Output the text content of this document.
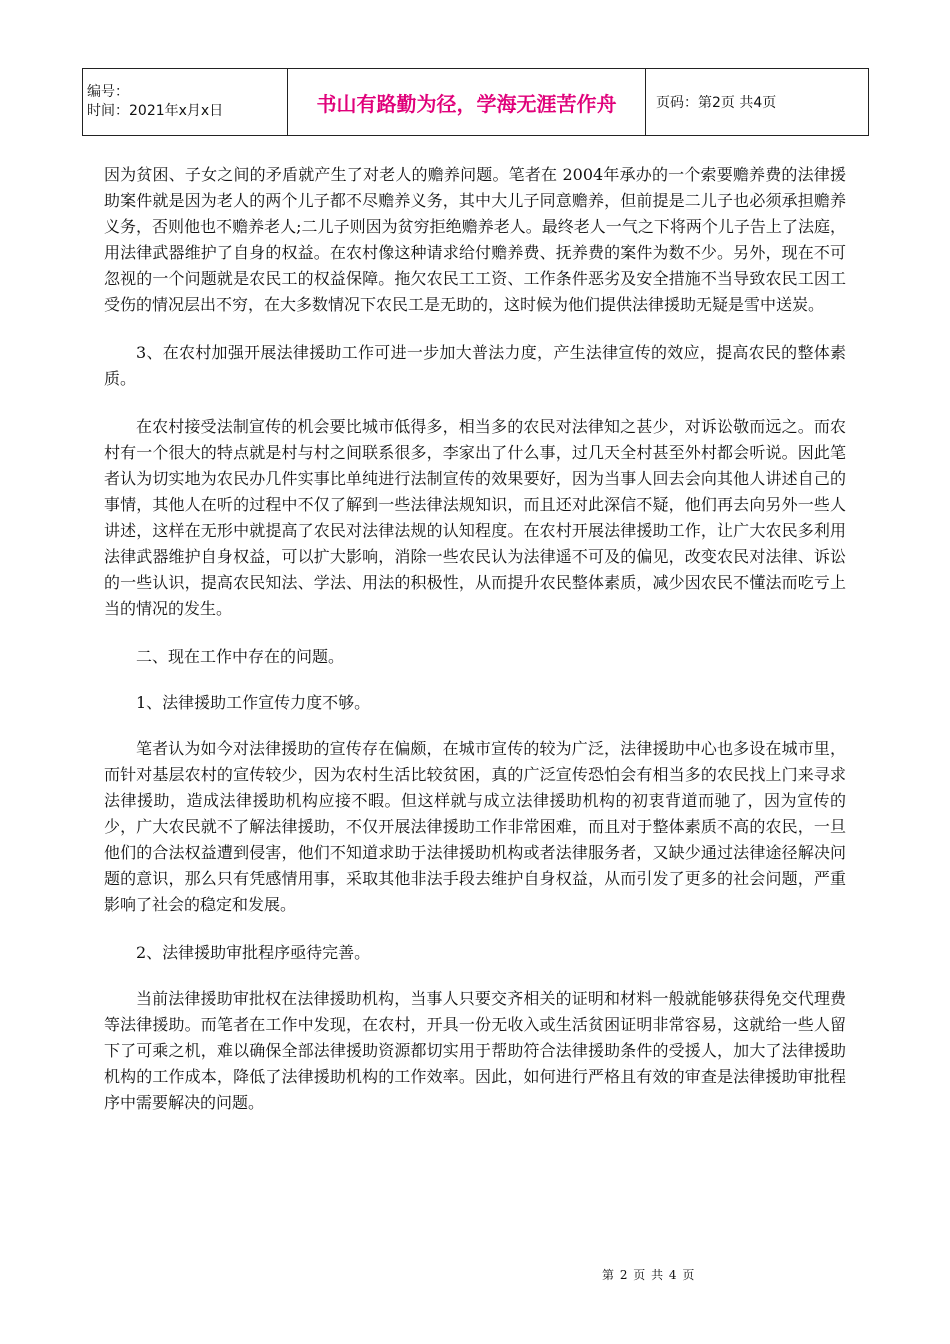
编号：
时间：2021年x月x日	书山有路勤为径，学海无涯苦作舟	页码：第2页 共4页

因为贫困、子女之间的矛盾就产生了对老人的赡养问题。笔者在 2004年承办的一个索要赡养费的法律援助案件就是因为老人的两个儿子都不尽赡养义务，其中大儿子同意赡养，但前提是二儿子也必须承担赡养义务，否则他也不赡养老人;二儿子则因为贫穷拒绝赡养老人。最终老人一气之下将两个儿子告上了法庭，用法律武器维护了自身的权益。在农村像这种请求给付赡养费、抚养费的案件为数不少。另外，现在不可忽视的一个问题就是农民工的权益保障。拖欠农民工工资、工作条件恶劣及安全措施不当导致农民工因工受伤的情况层出不穷，在大多数情况下农民工是无助的，这时候为他们提供法律援助无疑是雪中送炭。

3、在农村加强开展法律援助工作可进一步加大普法力度，产生法律宣传的效应，提高农民的整体素质。

在农村接受法制宣传的机会要比城市低得多，相当多的农民对法律知之甚少，对诉讼敬而远之。而农村有一个很大的特点就是村与村之间联系很多，李家出了什么事，过几天全村甚至外村都会听说。因此笔者认为切实地为农民办几件实事比单纯进行法制宣传的效果要好，因为当事人回去会向其他人讲述自己的事情，其他人在听的过程中不仅了解到一些法律法规知识，而且还对此深信不疑，他们再去向另外一些人讲述，这样在无形中就提高了农民对法律法规的认知程度。在农村开展法律援助工作，让广大农民多利用法律武器维护自身权益，可以扩大影响，消除一些农民认为法律遥不可及的偏见，改变农民对法律、诉讼的一些认识，提高农民知法、学法、用法的积极性，从而提升农民整体素质，减少因农民不懂法而吃亏上当的情况的发生。

二、现在工作中存在的问题。

1、法律援助工作宣传力度不够。

笔者认为如今对法律援助的宣传存在偏颇，在城市宣传的较为广泛，法律援助中心也多设在城市里，而针对基层农村的宣传较少，因为农村生活比较贫困，真的广泛宣传恐怕会有相当多的农民找上门来寻求法律援助，造成法律援助机构应接不暇。但这样就与成立法律援助机构的初衷背道而驰了，因为宣传的少，广大农民就不了解法律援助，不仅开展法律援助工作非常困难，而且对于整体素质不高的农民，一旦他们的合法权益遭到侵害，他们不知道求助于法律援助机构或者法律服务者，又缺少通过法律途径解决问题的意识，那么只有凭感情用事，采取其他非法手段去维护自身权益，从而引发了更多的社会问题，严重影响了社会的稳定和发展。

2、法律援助审批程序亟待完善。

当前法律援助审批权在法律援助机构，当事人只要交齐相关的证明和材料一般就能够获得免交代理费等法律援助。而笔者在工作中发现，在农村，开具一份无收入或生活贫困证明非常容易，这就给一些人留下了可乘之机，难以确保全部法律援助资源都切实用于帮助符合法律援助条件的受援人，加大了法律援助机构的工作成本，降低了法律援助机构的工作效率。因此，如何进行严格且有效的审查是法律援助审批程序中需要解决的问题。

第 2 页 共 4 页
